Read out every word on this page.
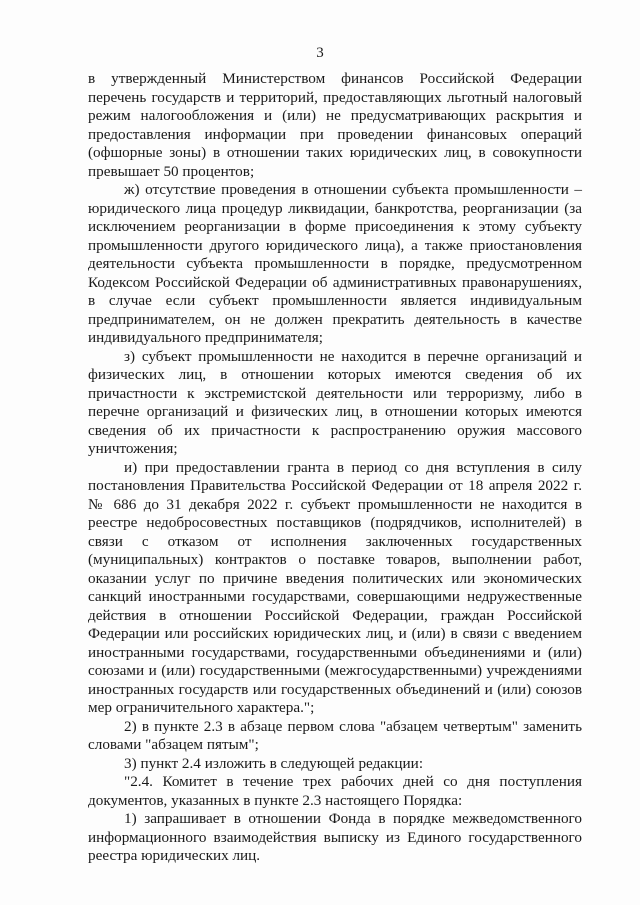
3

в утвержденный Министерством финансов Российской Федерации перечень государств и территорий, предоставляющих льготный налоговый режим налогообложения и (или) не предусматривающих раскрытия и предоставления информации при проведении финансовых операций (офшорные зоны) в отношении таких юридических лиц, в совокупности превышает 50 процентов;

ж) отсутствие проведения в отношении субъекта промышленности – юридического лица процедур ликвидации, банкротства, реорганизации (за исключением реорганизации в форме присоединения к этому субъекту промышленности другого юридического лица), а также приостановления деятельности субъекта промышленности в порядке, предусмотренном Кодексом Российской Федерации об административных правонарушениях, в случае если субъект промышленности является индивидуальным предпринимателем, он не должен прекратить деятельность в качестве индивидуального предпринимателя;

з) субъект промышленности не находится в перечне организаций и физических лиц, в отношении которых имеются сведения об их причастности к экстремистской деятельности или терроризму, либо в перечне организаций и физических лиц, в отношении которых имеются сведения об их причастности к распространению оружия массового уничтожения;

и) при предоставлении гранта в период со дня вступления в силу постановления Правительства Российской Федерации от 18 апреля 2022 г. № 686 до 31 декабря 2022 г. субъект промышленности не находится в реестре недобросовестных поставщиков (подрядчиков, исполнителей) в связи с отказом от исполнения заключенных государственных (муниципальных) контрактов о поставке товаров, выполнении работ, оказании услуг по причине введения политических или экономических санкций иностранными государствами, совершающими недружественные действия в отношении Российской Федерации, граждан Российской Федерации или российских юридических лиц, и (или) в связи с введением иностранными государствами, государственными объединениями и (или) союзами и (или) государственными (межгосударственными) учреждениями иностранных государств или государственных объединений и (или) союзов мер ограничительного характера.";

2) в пункте 2.3 в абзаце первом слова "абзацем четвертым" заменить словами "абзацем пятым";

3) пункт 2.4 изложить в следующей редакции:

"2.4. Комитет в течение трех рабочих дней со дня поступления документов, указанных в пункте 2.3 настоящего Порядка:

1) запрашивает в отношении Фонда в порядке межведомственного информационного взаимодействия выписку из Единого государственного реестра юридических лиц.
